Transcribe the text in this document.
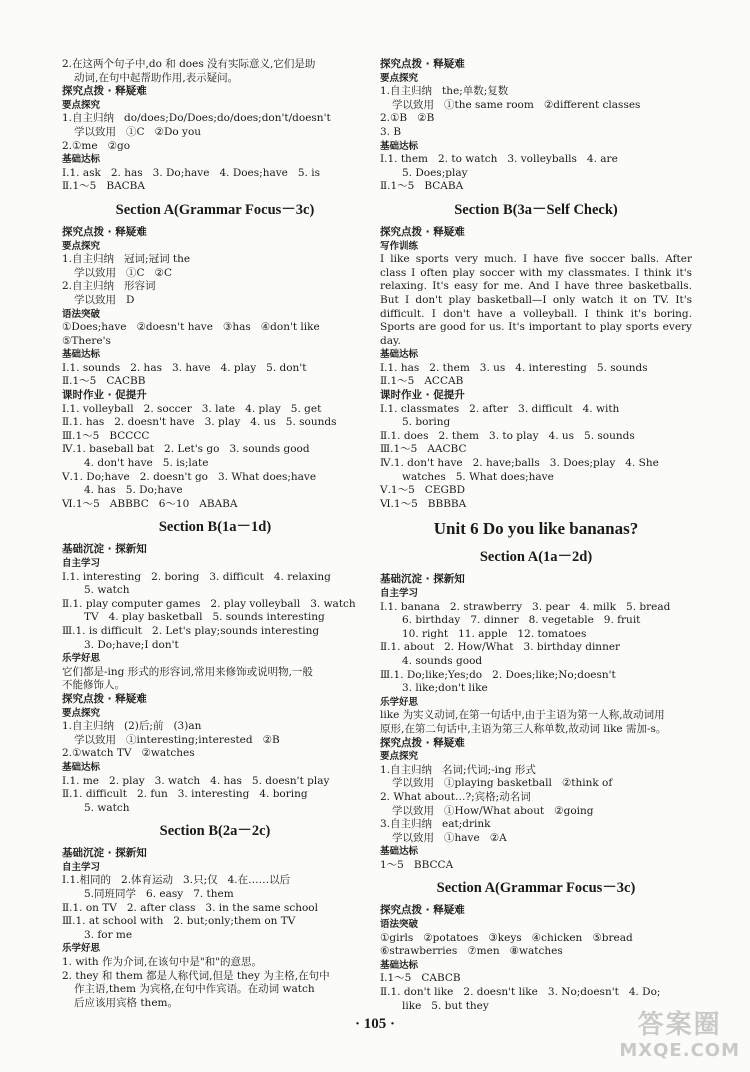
2.在这两个句子中,do 和 does 没有实际意义,它们是助
动词,在句中起帮助作用,表示疑问。
探究点拨 · 释疑难
要点探究
1.自主归纳   do/does;Do/Does;do/does;don't/doesn't
学以致用   ①C   ②Do you
2.①me   ②go
基础达标
Ⅰ.1. ask   2. has   3. Do;have   4. Does;have   5. is
Ⅱ.1～5   BACBA
Section A(Grammar Focus－3c)
探究点拨 · 释疑难
要点探究
1.自主归纳   冠词;冠词 the
学以致用   ①C   ②C
2.自主归纳   形容词
学以致用   D
语法突破
①Does;have   ②doesn't have   ③has   ④don't like
⑤There's
基础达标
Ⅰ.1. sounds   2. has   3. have   4. play   5. don't
Ⅱ.1～5   CACBB
课时作业 · 促提升
Ⅰ.1. volleyball   2. soccer   3. late   4. play   5. get
Ⅱ.1. has   2. doesn't have   3. play   4. us   5. sounds
Ⅲ.1～5   BCCCC
Ⅳ.1. baseball bat   2. Let's go   3. sounds good
4. don't have   5. is;late
Ⅴ.1. Do;have   2. doesn't go   3. What does;have
4. has   5. Do;have
Ⅵ.1～5   ABBBC   6～10   ABABA
Section B(1a－1d)
基础沉淀 · 探新知
自主学习
Ⅰ.1. interesting   2. boring   3. difficult   4. relaxing
5. watch
Ⅱ.1. play computer games   2. play volleyball   3. watch
TV   4. play basketball   5. sounds interesting
Ⅲ.1. is difficult   2. Let's play;sounds interesting
3. Do;have;I don't
乐学好思
它们都是-ing 形式的形容词,常用来修饰或说明物,一般
不能修饰人。
探究点拨 · 释疑难
要点探究
1.自主归纳   (2)后;前   (3)an
学以致用   ①interesting;interested   ②B
2.①watch TV   ②watches
基础达标
Ⅰ.1. me   2. play   3. watch   4. has   5. doesn't play
Ⅱ.1. difficult   2. fun   3. interesting   4. boring
5. watch
Section B(2a－2c)
基础沉淀 · 探新知
自主学习
Ⅰ.1.相同的   2.体育运动   3.只;仅   4.在……以后
5.同班同学   6. easy   7. them
Ⅱ.1. on TV   2. after class   3. in the same school
Ⅲ.1. at school with   2. but;only;them on TV
3. for me
乐学好思
1. with 作为介词,在该句中是"和"的意思。
2. they 和 them 都是人称代词,但是 they 为主格,在句中
作主语,them 为宾格,在句中作宾语。在动词 watch
后应该用宾格 them。
探究点拨 · 释疑难
要点探究
1.自主归纳   the;单数;复数
学以致用   ①the same room   ②different classes
2.①B   ②B
3. B
基础达标
Ⅰ.1. them   2. to watch   3. volleyballs   4. are
5. Does;play
Ⅱ.1～5   BCABA
Section B(3a－Self Check)
探究点拨 · 释疑难
写作训练
I like sports very much. I have five soccer balls. After class I often play soccer with my classmates. I think it's relaxing. It's easy for me. And I have three basketballs. But I don't play basketball—I only watch it on TV. It's difficult. I don't have a volleyball. I think it's boring. Sports are good for us. It's important to play sports every day.
基础达标
Ⅰ.1. has   2. them   3. us   4. interesting   5. sounds
Ⅱ.1～5   ACCAB
课时作业 · 促提升
Ⅰ.1. classmates   2. after   3. difficult   4. with
5. boring
Ⅱ.1. does   2. them   3. to play   4. us   5. sounds
Ⅲ.1～5   AACBC
Ⅳ.1. don't have   2. have;balls   3. Does;play   4. She
watches   5. What does;have
Ⅴ.1～5   CEGBD
Ⅵ.1～5   BBBBA
Unit 6 Do you like bananas?
Section A(1a－2d)
基础沉淀 · 探新知
自主学习
Ⅰ.1. banana   2. strawberry   3. pear   4. milk   5. bread
6. birthday   7. dinner   8. vegetable   9. fruit
10. right   11. apple   12. tomatoes
Ⅱ.1. about   2. How/What   3. birthday dinner
4. sounds good
Ⅲ.1. Do;like;Yes;do   2. Does;like;No;doesn't
3. like;don't like
乐学好思
like 为实义动词,在第一句话中,由于主语为第一人称,故动词用
原形,在第二句话中,主语为第三人称单数,故动词 like 需加-s。
探究点拨 · 释疑难
要点探究
1.自主归纳   名词;代词;-ing 形式
学以致用   ①playing basketball   ②think of
2. What about…?;宾格;动名词
学以致用   ①How/What about   ②going
3.自主归纳   eat;drink
学以致用   ①have   ②A
基础达标
1～5   BBCCA
Section A(Grammar Focus－3c)
探究点拨 · 释疑难
语法突破
①girls   ②potatoes   ③keys   ④chicken   ⑤bread
⑥strawberries   ⑦men   ⑧watches
基础达标
Ⅰ.1～5   CABCB
Ⅱ.1. don't like   2. doesn't like   3. No;doesn't   4. Do;
like   5. but they
· 105 ·	答案圈
MXQE.COM
